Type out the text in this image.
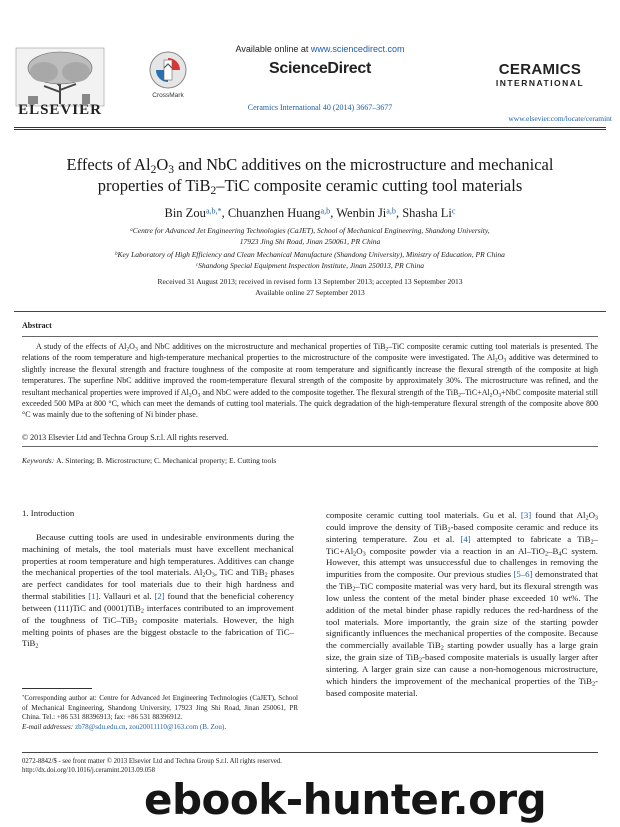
ELSEVIER
CrossMark
Available online at www.sciencedirect.com
ScienceDirect
Ceramics International 40 (2014) 3667–3677
CERAMICS
INTERNATIONAL
www.elsevier.com/locate/ceramint
Effects of $Al_2O_3$ and NbC additives on the microstructure and mechanical
properties of TiB$_2$–TiC composite ceramic cutting tool materials
Bin Zou$^{a,b,*}$, Chuanzhen Huang$^{a,b}$, Wenbin Ji$^{a,b}$, Shasha Li$^c$
$^a$Centre for Advanced Jet Engineering Technologies (CaJET), School of Mechanical Engineering, Shandong University,
17923 Jing Shi Road, Jinan 250061, PR China
$^b$Key Laboratory of High Efficiency and Clean Mechanical Manufacture (Shandong University), Ministry of Education, PR China
$^c$Shandong Special Equipment Inspection Institute, Jinan 250013, PR China
Received 31 August 2013; received in revised form 13 September 2013; accepted 13 September 2013
Available online 27 September 2013
Abstract
A study of the effects of $Al_2O_3$ and NbC additives on the microstructure and mechanical properties of TiB$_2$–TiC composite ceramic cutting tool materials is presented. The relations of the room temperature and high-temperature mechanical properties to the microstructure of the composite were investigated. The $Al_2O_3$ additive was determined to slightly increase the flexural strength and fracture toughness of the composite at room temperature and significantly increase the flexural strength of the composite at high temperatures. The superfine NbC additive improved the room-temperature flexural strength of the composite by approximately 30%. The microstructure was refined, and the resultant mechanical properties were improved if $Al_2O_3$ and NbC were added to the composite together. The flexural strength of the $TiB_2-TiC+Al_2O_3+NbC$ composite material still exceeded 500 MPa at 800 °C, which can meet the demands of cutting tool materials. The quick degradation of the high-temperature flexural strength of the composite above 800 °C was mainly due to the softening of Ni binder phase.
© 2013 Elsevier Ltd and Techna Group S.r.l. All rights reserved.
Keywords: A. Sintering; B. Microstructure; C. Mechanical property; E. Cutting tools
1. Introduction

Because cutting tools are used in undesirable environments during the machining of metals, the tool materials must have excellent mechanical properties at room temperature and high temperatures. Additives can change the mechanical properties of the tool materials. $Al_2O_3$, TiC and TiB$_2$ phases are perfect candidates for tool materials due to their high hardness and thermal stabilities [1]. Vallauri et al. [2] found that the beneficial coherency between (111)TiC and (0001)TiB$_2$ interfaces contributed to an improvement of the toughness of TiC–TiB$_2$ composite materials. However, the high melting points of phases are the biggest obstacle to the fabrication of TiC–TiB$_2$

composite ceramic cutting tool materials. Gu et al. [3] found that $Al_2O_3$ could improve the density of TiB$_2$-based composite ceramic and reduce its sintering temperature. Zou et al. [4] attempted to fabricate a $TiB_2-TiC+Al_2O_3$ composite powder via a reaction in an $Al-TiO_2-B_4C$ system. However, this attempt was unsuccessful due to challenges in removing the impurities from the composite. Our previous studies [5–6] demonstrated that the TiB$_2$–TiC composite material was very hard, but its flexural strength was low unless the content of the metal binder phase exceeded 10 wt%. The addition of the metal binder phase rapidly reduces the red-hardness of the tool materials. More importantly, the grain size of the starting powder significantly influences the mechanical properties of the composite. Because the commercially available TiB$_2$ starting powder usually has a large grain size, the grain size of TiB$_2$-based composite materials is usually larger after sintering. A larger grain size can cause a non-homogenous microstructure, which hinders the improvement of the mechanical properties of the TiB$_2$-based composite material.

*Corresponding author at: Centre for Advanced Jet Engineering Technologies (CaJET), School of Mechanical Engineering, Shandong University, 17923 Jing Shi Road, Jinan 250061, PR China. Tel.: +86 531 88396913; fax: +86 531 88396912.
E-mail addresses: zb78@sdu.edu.cn, zou20011110@163.com (B. Zou).
0272-8842/$ - see front matter © 2013 Elsevier Ltd and Techna Group S.r.l. All rights reserved.
http://dx.doi.org/10.1016/j.ceramint.2013.09.058
ebook-hunter.org
